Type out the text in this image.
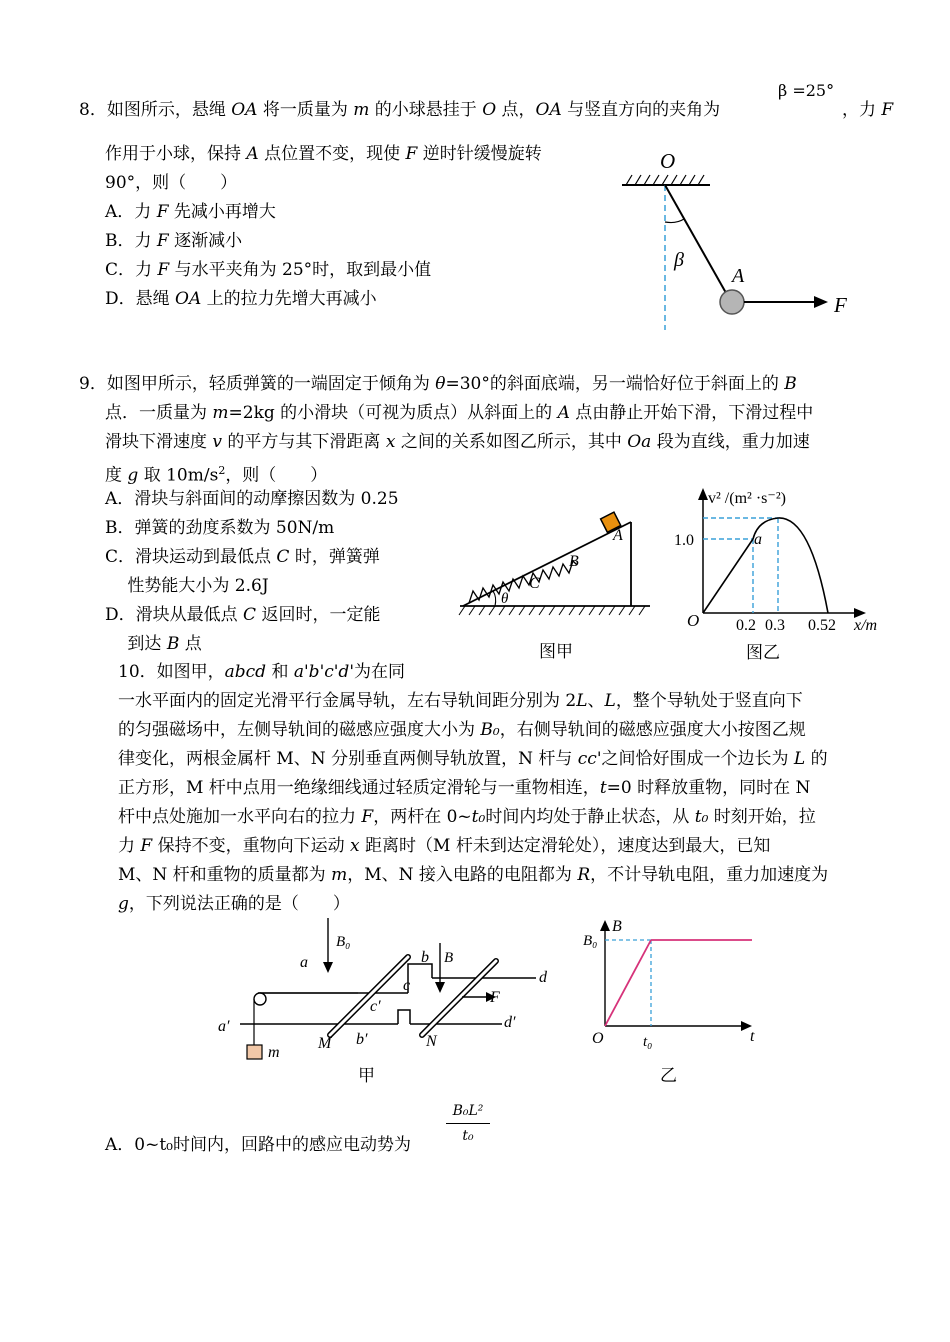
8．如图所示，悬绳 OA 将一质量为 m 的小球悬挂于 O 点，OA 与竖直方向的夹角为
β =25°
，力 F
作用于小球，保持 A 点位置不变，现使 F 逆时针缓慢旋转
90°，则（　　）
A．力 F 先减小再增大
B．力 F 逐渐减小
C．力 F 与水平夹角为 25°时，取到最小值
D．悬绳 OA 上的拉力先增大再减小
O
β
A
F
9．如图甲所示，轻质弹簧的一端固定于倾角为 θ=30°的斜面底端，另一端恰好位于斜面上的 B
点．一质量为 m=2kg 的小滑块（可视为质点）从斜面上的 A 点由静止开始下滑，下滑过程中
滑块下滑速度 v 的平方与其下滑距离 x 之间的关系如图乙所示，其中 Oa 段为直线，重力加速
度 g 取 $10m/s^2$，则（　　）
A．滑块与斜面间的动摩擦因数为 0.25
B．弹簧的劲度系数为 50N/m
C．滑块运动到最低点 C 时，弹簧弹
　 性势能大小为 2.6J
D．滑块从最低点 C 返回时，一定能
　 到达 B 点
θ
C
B
A
图甲
v² /(m² ·s⁻²)
1.0	a
O 0.2 0.3 0.52 x/m
图乙
10．如图甲，abcd 和 a'b'c'd'为在同
一水平面内的固定光滑平行金属导轨，左右导轨间距分别为 2L、L，整个导轨处于竖直向下
的匀强磁场中，左侧导轨间的磁感应强度大小为 B₀，右侧导轨间的磁感应强度大小按图乙规
律变化，两根金属杆 M、N 分别垂直两侧导轨放置，N 杆与 cc'之间恰好围成一个边长为 L 的
正方形，M 杆中点用一绝缘细线通过轻质定滑轮与一重物相连，t=0 时释放重物，同时在 N
杆中点处施加一水平向右的拉力 F，两杆在 0~t₀时间内均处于静止状态，从 t₀ 时刻开始，拉
力 F 保持不变，重物向下运动 x 距离时（M 杆未到达定滑轮处），速度达到最大，已知
M、N 杆和重物的质量都为 m，M、N 接入电路的电阻都为 R，不计导轨电阻，重力加速度为
g，下列说法正确的是（　　）
B₀
B
a	b
c	d
a′
b′
c′
d′
M	N
F
m
甲
B
B₀
O	t₀	t
乙
A．0~t₀时间内，回路中的感应电动势为	$\frac{\text{B₀L²}}{\text{t₀}}$
